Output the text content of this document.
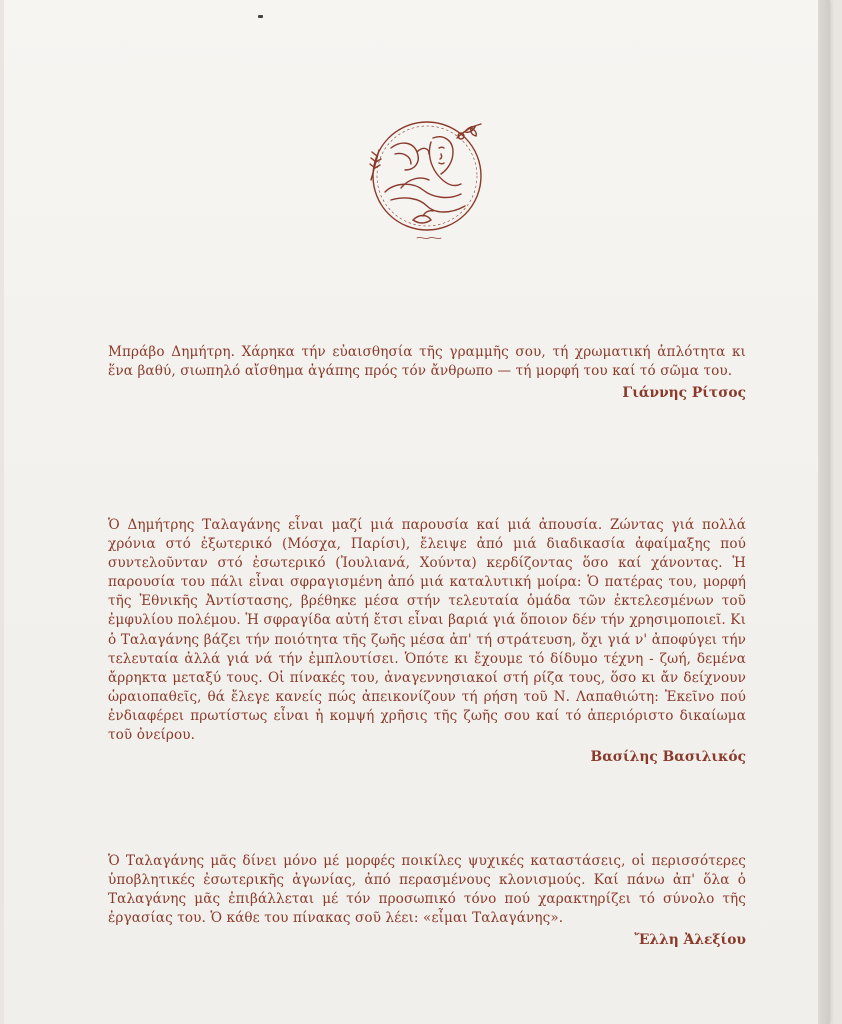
Μπράβο Δημήτρη. Χάρηκα τήν εὐαισθησία τῆς γραμμῆς σου, τή χρωματική ἁπλότητα κι ἕνα βαθύ, σιωπηλό αἴσθημα ἀγάπης πρός τόν ἄνθρωπο — τή μορφή του καί τό σῶμα του.

Γιάννης Ρίτσος

Ὁ Δημήτρης Ταλαγάνης εἶναι μαζί μιά παρουσία καί μιά ἀπουσία. Ζώντας γιά πολλά χρόνια στό ἐξωτερικό (Μόσχα, Παρίσι), ἔλειψε ἀπό μιά διαδικασία ἀφαίμαξης πού συντελοῦνταν στό ἐσωτερικό (Ἰουλιανά, Χούντα) κερδίζοντας ὅσο καί χάνοντας. Ἡ παρουσία του πάλι εἶναι σφραγισμένη ἀπό μιά καταλυτική μοίρα: Ὁ πατέρας του, μορφή τῆς Ἐθνικῆς Ἀντίστασης, βρέθηκε μέσα στήν τελευταία ὁμάδα τῶν ἐκτελεσμένων τοῦ ἐμφυλίου πολέμου. Ἡ σφραγίδα αὐτή ἔτσι εἶναι βαριά γιά ὅποιον δέν τήν χρησιμοποιεῖ. Κι ὁ Ταλαγάνης βάζει τήν ποιότητα τῆς ζωῆς μέσα ἀπ' τή στράτευση, ὄχι γιά ν' ἀποφύγει τήν τελευταία ἀλλά γιά νά τήν ἐμπλουτίσει. Ὁπότε κι ἔχουμε τό δίδυμο τέχνη - ζωή, δεμένα ἄρρηκτα μεταξύ τους. Οἱ πίνακές του, ἀναγεννησιακοί στή ρίζα τους, ὅσο κι ἄν δείχνουν ὡραιοπαθεῖς, θά ἔλεγε κανείς πώς ἀπεικονίζουν τή ρήση τοῦ Ν. Λαπαθιώτη: Ἐκεῖνο πού ἐνδιαφέρει πρωτίστως εἶναι ἡ κομψή χρῆσις τῆς ζωῆς σου καί τό ἀπεριόριστο δικαίωμα τοῦ ὀνείρου.

Βασίλης Βασιλικός

Ὁ Ταλαγάνης μᾶς δίνει μόνο μέ μορφές ποικίλες ψυχικές καταστάσεις, οἱ περισσότερες ὑποβλητικές ἐσωτερικῆς ἀγωνίας, ἀπό περασμένους κλονισμούς. Καί πάνω ἀπ' ὅλα ὁ Ταλαγάνης μᾶς ἐπιβάλλεται μέ τόν προσωπικό τόνο πού χαρακτηρίζει τό σύνολο τῆς ἐργασίας του. Ὁ κάθε του πίνακας σοῦ λέει: «εἶμαι Ταλαγάνης».

Ἔλλη Ἀλεξίου
